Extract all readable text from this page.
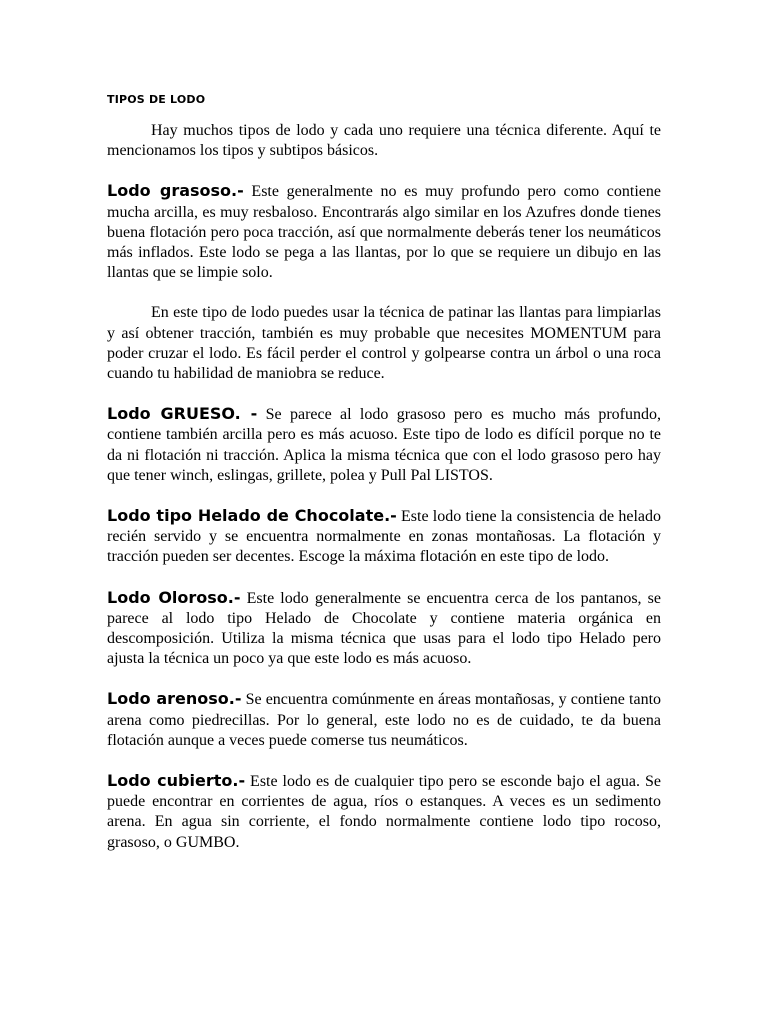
TIPOS DE LODO

Hay muchos tipos de lodo y cada uno requiere una técnica diferente. Aquí te mencionamos los tipos y subtipos básicos.

Lodo grasoso.- Este generalmente no es muy profundo pero como contiene mucha arcilla, es muy resbaloso. Encontrarás algo similar en los Azufres donde tienes buena flotación pero poca tracción, así que normalmente deberás tener los neumáticos más inflados. Este lodo se pega a las llantas, por lo que se requiere un dibujo en las llantas que se limpie solo.

En este tipo de lodo puedes usar la técnica de patinar las llantas para limpiarlas y así obtener tracción, también es muy probable que necesites MOMENTUM para poder cruzar el lodo. Es fácil perder el control y golpearse contra un árbol o una roca cuando tu habilidad de maniobra se reduce.

Lodo GRUESO. - Se parece al lodo grasoso pero es mucho más profundo, contiene también arcilla pero es más acuoso. Este tipo de lodo es difícil porque no te da ni flotación ni tracción. Aplica la misma técnica que con el lodo grasoso pero hay que tener winch, eslingas, grillete, polea y Pull Pal LISTOS.

Lodo tipo Helado de Chocolate.- Este lodo tiene la consistencia de helado recién servido y se encuentra normalmente en zonas montañosas. La flotación y tracción pueden ser decentes. Escoge la máxima flotación en este tipo de lodo.

Lodo Oloroso.- Este lodo generalmente se encuentra cerca de los pantanos, se parece al lodo tipo Helado de Chocolate y contiene materia orgánica en descomposición. Utiliza la misma técnica que usas para el lodo tipo Helado pero ajusta la técnica un poco ya que este lodo es más acuoso.

Lodo arenoso.- Se encuentra comúnmente en áreas montañosas, y contiene tanto arena como piedrecillas. Por lo general, este lodo no es de cuidado, te da buena flotación aunque a veces puede comerse tus neumáticos.

Lodo cubierto.- Este lodo es de cualquier tipo pero se esconde bajo el agua. Se puede encontrar en corrientes de agua, ríos o estanques. A veces es un sedimento arena. En agua sin corriente, el fondo normalmente contiene lodo tipo rocoso, grasoso, o GUMBO.
